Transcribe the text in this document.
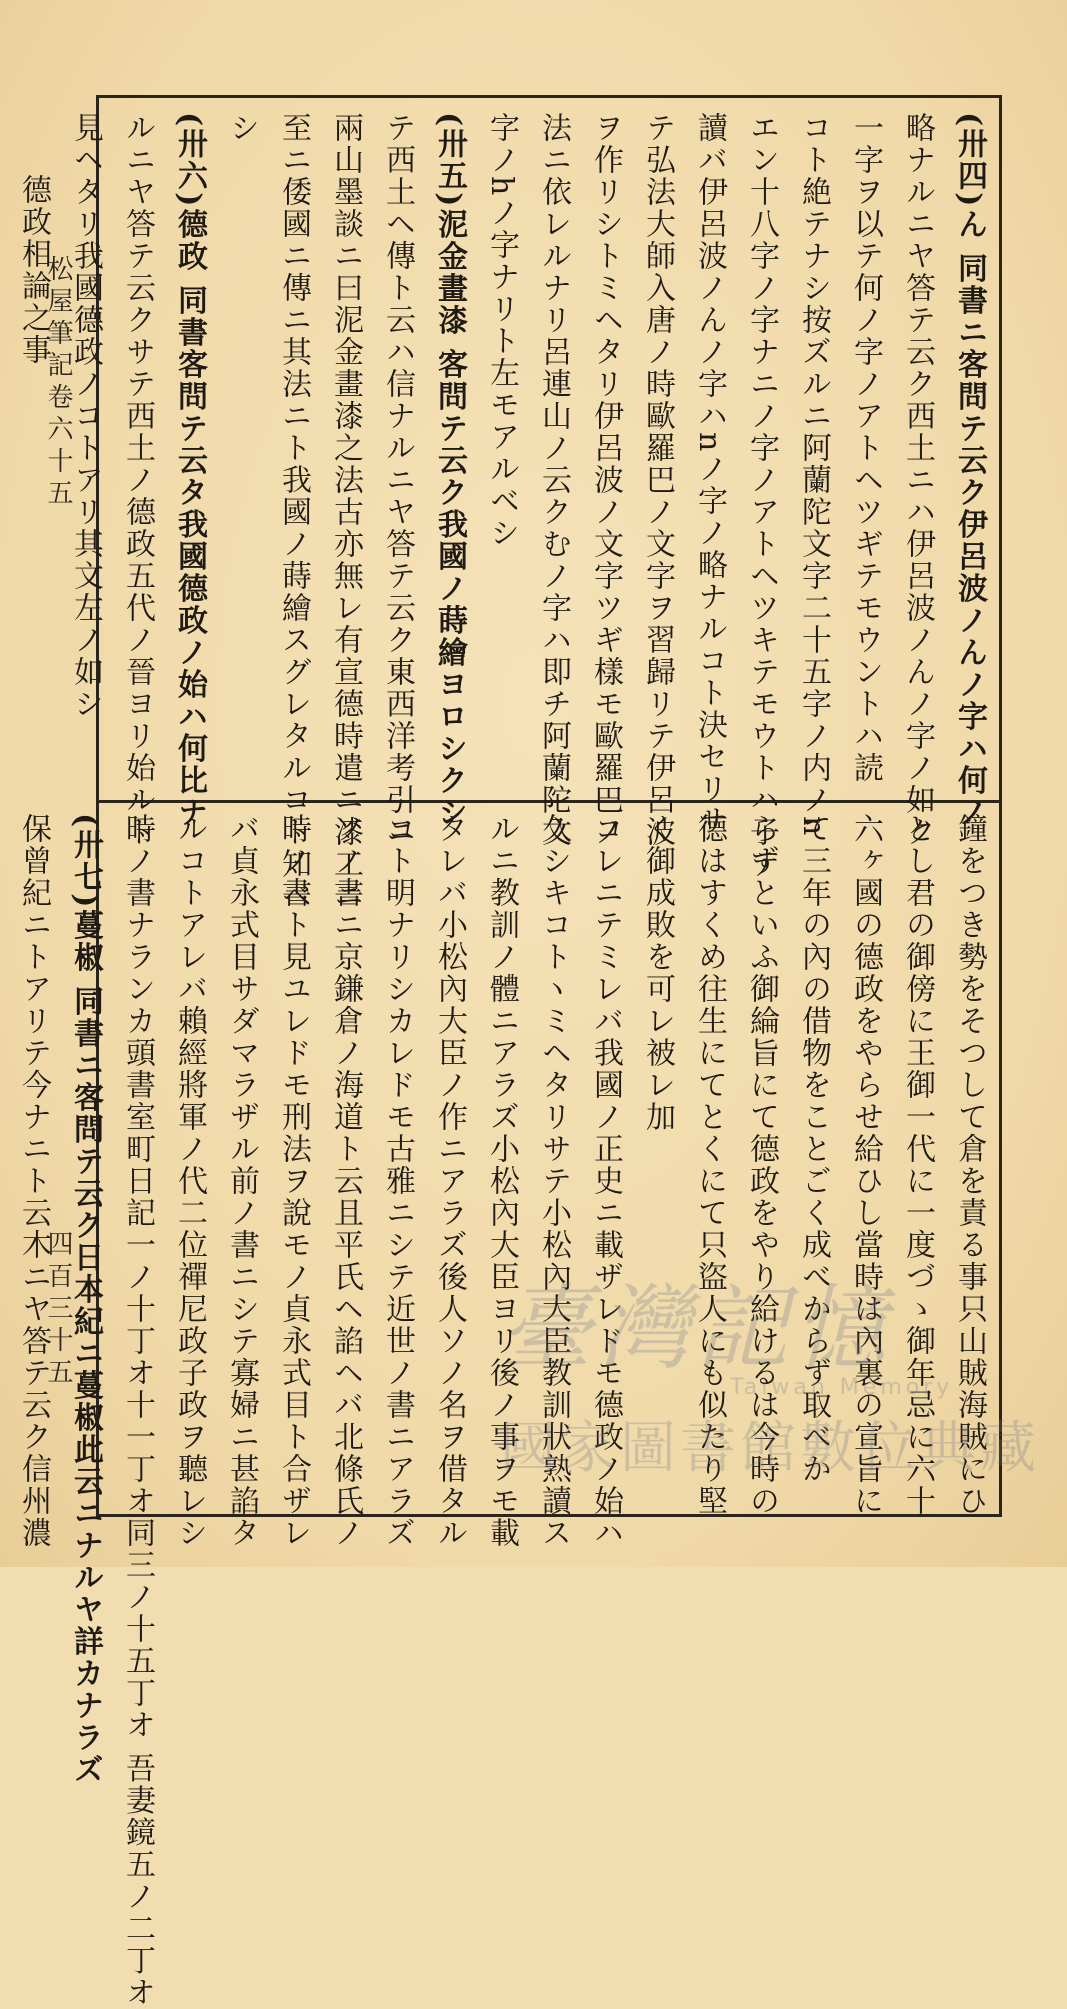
松屋筆記卷六十五
四百三十五

(卅四)ん 同書ニ客問テ云ク伊呂波ノんノ字ハ何ノ

略ナルニヤ答テ云ク西土ニハ伊呂波ノんノ字ノ如ク

一字ヲ以テ何ノ字ノアトヘツギテモウントハ読

コト絶テナシ按ズルニ阿蘭陀文字二十五字ノ内ノn

エン十八字ノ字ナニノ字ノアトヘツキテモウトハ子テ

讀バ伊呂波ノんノ字ハnノ字ノ略ナルコト決セリサ

テ弘法大師入唐ノ時歐羅巴ノ文字ヲ習歸リテ伊呂波

ヲ作リシトミヘタリ伊呂波ノ文字ツギ樣モ歐羅巴ノ

法ニ依レルナリ呂連山ノ云クむノ字ハ即チ阿蘭陀文

字ノhノ字ナリト左モアルベシ

(卅五)泥金畫漆 客問テ云ク我國ノ蒔繪ヨロシクシ

テ西土ヘ傳ト云ハ信ナルニヤ答テ云ク東西洋考引ニ

兩山墨談ニ曰泥金畫漆之法古亦無レ有宣德時遣ニ漆工ニ

至ニ倭國ニ傳ニ其法ニト我國ノ蒔繪スグレタルコト知ベ

シ

(卅六)德政 同書客問テ云タ我國德政ノ始ハ何比ナ

ルニヤ答テ云クサテ西土ノ德政五代ノ晉ヨリ始ルト

見ヘタリ我國德政ノコトアリ其文左ノ如シ

德政相論之事

鐘をつき勢をそつして倉を責る事只山賊海賊にひ

とし君の御傍に王御一代に一度づゝ御年忌に六十

六ヶ國の德政をやらせ給ひし當時は內裏の宣旨に

て三年の內の借物をことごく成べからず取べか

らずといふ御綸旨にて德政をやり給けるは今時の

德はすくめ往生にてとくにて只盜人にも似たり堅

く御成敗を可レ被レ加

コレニテミレバ我國ノ正史ニ載ザレドモ德政ノ始ハ

久シキコトヽミヘタリサテ小松內大臣教訓狀熟讀ス

ルニ教訓ノ體ニアラズ小松內大臣ヨリ後ノ事ヲモ載

タレバ小松內大臣ノ作ニアラズ後人ソノ名ヲ借タル

コト明ナリシカレドモ古雅ニシテ近世ノ書ニアラズ

ソノ書ニ京鎌倉ノ海道ト云且平氏ヘ諂ヘバ北條氏ノ

時ノ書ト見ユレドモ刑法ヲ說モノ貞永式目ト合ザレ

バ貞永式目サダマラザル前ノ書ニシテ寡婦ニ甚諂タ

ルコトアレバ賴經將軍ノ代二位禪尼政子政ヲ聽レシ

時ノ書ナランカ頭書室町日記一ノ十丁オ十一丁オ同三ノ十五丁オ 吾妻鏡五ノ二丁オ

(卅七)蔓椒 同書ニ客問テ云ク日本紀ニ蔓椒此云ニナルヤ詳カナラズ

保曾紀ニトアリテ今ナニト云木ニヤ答テ云ク信州濃	臺灣記憶
Taiwan Memory
國家圖書館數位典藏
